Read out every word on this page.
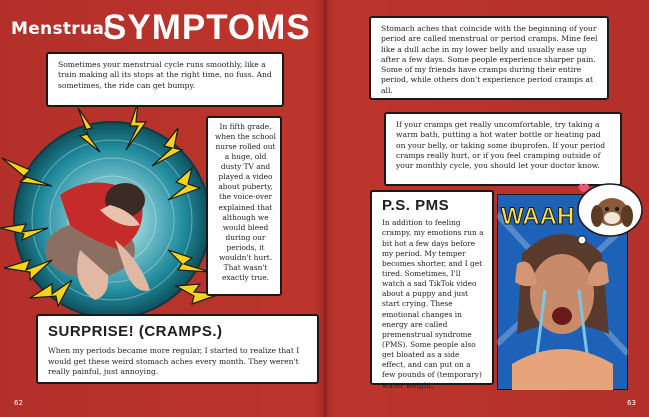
Menstrual
SYMPTOMS
Sometimes your menstrual cycle runs smoothly, like a train making all its stops at the right time, no fuss. And sometimes, the ride can get bumpy.
In fifth grade, when the school nurse rolled out a huge, old dusty TV and played a video about puberty, the voice-over explained that although we would bleed during our periods, it wouldn't hurt. That wasn't exactly true.
SURPRISE! (CRAMPS.)
When my periods became more regular, I started to realize that I would get these weird stomach aches every month. They weren't really painful, just annoying.
62
Stomach aches that coincide with the beginning of your period are called menstrual or period cramps. Mine feel like a dull ache in my lower belly and usually ease up after a few days. Some people experience sharper pain. Some of my friends have cramps during their entire period, while others don't experience period cramps at all.
If your cramps get really uncomfortable, try taking a warm bath, putting a hot water bottle or heating pad on your belly, or taking some ibuprofen. If your period cramps really hurt, or if you feel cramping outside of your monthly cycle, you should let your doctor know.
P.S. PMS
In addition to feeling crampy, my emotions run a bit hot a few days before my period. My temper becomes shorter, and I get tired. Sometimes, I'll watch a sad TikTok video about a puppy and just start crying. These emotional changes in energy are called premenstrual syndrome (PMS). Some people also get bloated as a side effect, and can put on a few pounds of (temporary) water weight.
WAAH
63
